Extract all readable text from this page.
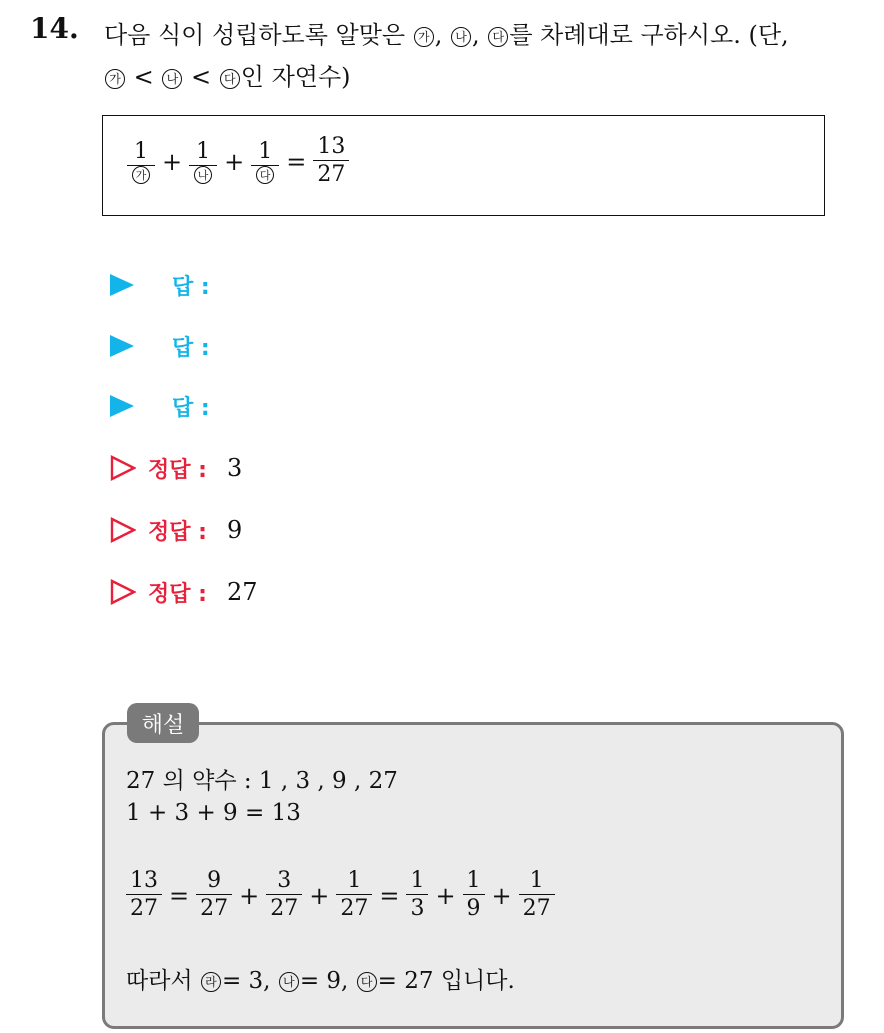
14. 다음 식이 성립하도록 알맞은 가 , 나 , 다 를 차례대로 구하시오. (단,
가 < 나 < 다 인 자연수)
$\frac{1}{\text{가}} + \frac{1}{\text{나}} + \frac{1}{\text{다}} = \frac{13}{27}$
답 :
답 :
답 :
정답 : 3
정답 : 9
정답 : 27
해설
27 의 약수 : 1 , 3 , 9 , 27
1 + 3 + 9 = 13
$\frac{13}{27} = \frac{9}{27} + \frac{3}{27} + \frac{1}{27} = \frac{1}{3} + \frac{1}{9} + \frac{1}{27}$
따라서 라 = 3, 나 = 9, 다 = 27 입니다.
